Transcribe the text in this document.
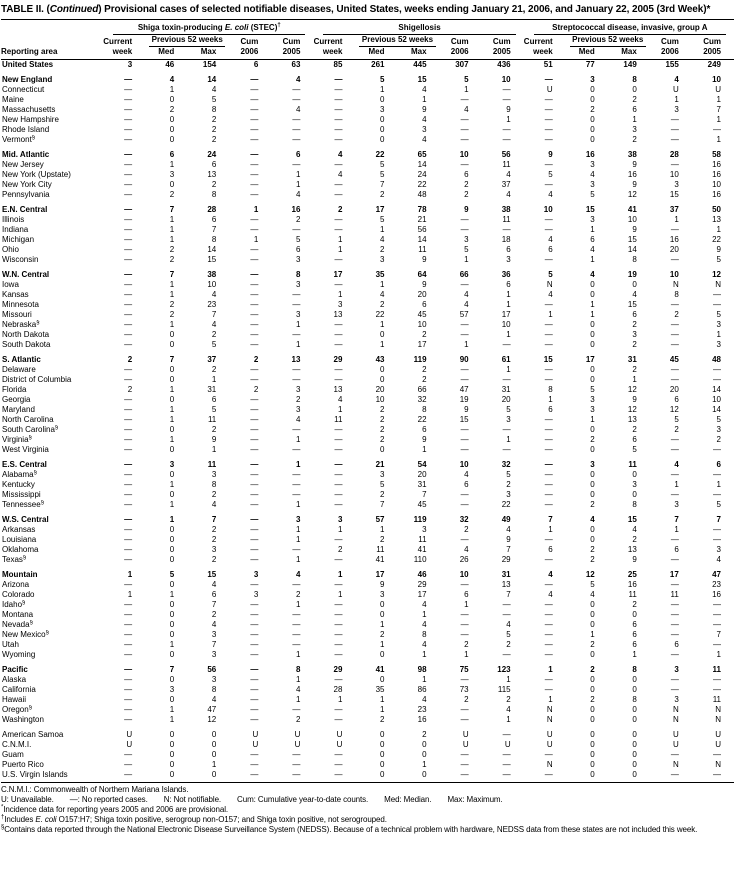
TABLE II. (Continued) Provisional cases of selected notifiable diseases, United States, weeks ending January 21, 2006, and January 22, 2005 (3rd Week)*

	Shiga toxin-producing E. coli (STEC)†					Shigellosis					Streptococcal disease, invasive, group A				

	Current	Previous 52 weeks		Cum	Cum	Current	Previous 52 weeks		Cum	Cum	Current	Previous 52 weeks		Cum	Cum
Reporting area	week	Med	Max	2006	2005	week	Med	Max	2006	2005	week	Med	Max	2006	2005
United States	3	46	154	6	63	85	261	445	307	436	51	77	149	155	249
New England	—	4	14	—	4	—	5	15	5	10	—	3	8	4	10
Connecticut	—	1	4	—	—	—	1	4	1	—	U	0	0	U	U
Maine	—	0	5	—	—	—	0	1	—	—	—	0	2	1	1
Massachusetts	—	2	8	—	4	—	3	9	4	9	—	2	6	3	7
New Hampshire	—	0	2	—	—	—	0	4	—	1	—	0	1	—	1
Rhode Island	—	0	2	—	—	—	0	3	—	—	—	0	3	—	—
Vermont§	—	0	2	—	—	—	0	4	—	—	—	0	2	—	1
Mid. Atlantic	—	6	24	—	6	4	22	65	10	56	9	16	38	28	58
New Jersey	—	1	6	—	—	—	5	14	—	11	—	3	9	—	16
New York (Upstate)	—	3	13	—	1	4	5	24	6	4	5	4	16	10	16
New York City	—	0	2	—	1	—	7	22	2	37	—	3	9	3	10
Pennsylvania	—	2	8	—	4	—	2	48	2	4	4	5	12	15	16
E.N. Central	—	7	28	1	16	2	17	78	9	38	10	15	41	37	50
Illinois	—	1	6	—	2	—	5	21	—	11	—	3	10	1	13
Indiana	—	1	7	—	—	—	1	56	—	—	—	1	9	—	1
Michigan	—	1	8	1	5	1	4	14	3	18	4	6	15	16	22
Ohio	—	2	14	—	6	1	2	11	5	6	6	4	14	20	9
Wisconsin	—	2	15	—	3	—	3	9	1	3	—	1	8	—	5
W.N. Central	—	7	38	—	8	17	35	64	66	36	5	4	19	10	12
Iowa	—	1	10	—	3	—	1	9	—	6	N	0	0	N	N
Kansas	—	1	4	—	—	1	4	20	4	1	4	0	4	8	—
Minnesota	—	2	23	—	—	3	2	6	4	1	—	1	15	—	—
Missouri	—	2	7	—	3	13	22	45	57	17	1	1	6	2	5
Nebraska§	—	1	4	—	1	—	1	10	—	10	—	0	2	—	3
North Dakota	—	0	2	—	—	—	0	2	—	1	—	0	3	—	1
South Dakota	—	0	5	—	1	—	1	17	1	—	—	0	2	—	3
S. Atlantic	2	7	37	2	13	29	43	119	90	61	15	17	31	45	48
Delaware	—	0	2	—	—	—	0	2	—	1	—	0	2	—	—
District of Columbia	—	0	1	—	—	—	0	2	—	—	—	0	1	—	—
Florida	2	1	31	2	3	13	20	66	47	31	8	5	12	20	14
Georgia	—	0	6	—	2	4	10	32	19	20	1	3	9	6	10
Maryland	—	1	5	—	3	1	2	8	9	5	6	3	12	12	14
North Carolina	—	1	11	—	4	11	2	22	15	3	—	1	13	5	5
South Carolina§	—	0	2	—	—	—	2	6	—	—	—	0	2	2	3
Virginia§	—	1	9	—	1	—	2	9	—	1	—	2	6	—	2
West Virginia	—	0	1	—	—	—	0	1	—	—	—	0	5	—	—
E.S. Central	—	3	11	—	1	—	21	54	10	32	—	3	11	4	6
Alabama§	—	0	3	—	—	—	3	20	4	5	—	0	0	—	—
Kentucky	—	1	8	—	—	—	5	31	6	2	—	0	3	1	1
Mississippi	—	0	2	—	—	—	2	7	—	3	—	0	0	—	—
Tennessee§	—	1	4	—	1	—	7	45	—	22	—	2	8	3	5
W.S. Central	—	1	7	—	3	3	57	119	32	49	7	4	15	7	7
Arkansas	—	0	2	—	1	1	1	3	2	4	1	0	4	1	—
Louisiana	—	0	2	—	1	—	2	11	—	9	—	0	2	—	—
Oklahoma	—	0	3	—	—	2	11	41	4	7	6	2	13	6	3
Texas§	—	0	2	—	1	—	41	110	26	29	—	2	9	—	4
Mountain	1	5	15	3	4	1	17	46	10	31	4	12	25	17	47
Arizona	—	0	4	—	—	—	9	29	—	13	—	5	16	—	23
Colorado	1	1	6	3	2	1	3	17	6	7	4	4	11	11	16
Idaho§	—	0	7	—	1	—	0	4	1	—	—	0	2	—	—
Montana	—	0	2	—	—	—	0	1	—	—	—	0	0	—	—
Nevada§	—	0	4	—	—	—	1	4	—	4	—	0	6	—	—
New Mexico§	—	0	3	—	—	—	2	8	—	5	—	1	6	—	7
Utah	—	1	7	—	—	—	1	4	2	2	—	2	6	6	—
Wyoming	—	0	3	—	1	—	0	1	1	—	—	0	1	—	1
Pacific	—	7	56	—	8	29	41	98	75	123	1	2	8	3	11
Alaska	—	0	3	—	1	—	0	1	—	1	—	0	0	—	—
California	—	3	8	—	4	28	35	86	73	115	—	0	0	—	—
Hawaii	—	0	4	—	1	1	1	4	2	2	1	2	8	3	11
Oregon§	—	1	47	—	—	—	1	23	—	4	N	0	0	N	N
Washington	—	1	12	—	2	—	2	16	—	1	N	0	0	N	N
American Samoa	U	0	0	U	U	U	0	2	U	—	U	0	0	U	U
C.N.M.I.	U	0	0	U	U	U	0	0	U	U	U	0	0	U	U
Guam	—	0	0	—	—	—	0	0	—	—	—	0	0	—	—
Puerto Rico	—	0	1	—	—	—	0	1	—	—	N	0	0	N	N
U.S. Virgin Islands	—	0	0	—	—	—	0	0	—	—	—	0	0	—	—
C.N.M.I.: Commonwealth of Northern Mariana Islands.
U: Unavailable. —: No reported cases. N: Not notifiable. Cum: Cumulative year-to-date counts. Med: Median. Max: Maximum.
*Incidence data for reporting years 2005 and 2006 are provisional.
†Includes E. coli O157:H7; Shiga toxin positive, serogroup non-O157; and Shiga toxin positive, not serogrouped.
§Contains data reported through the National Electronic Disease Surveillance System (NEDSS). Because of a technical problem with hardware, NEDSS data from these states are not included this week.
